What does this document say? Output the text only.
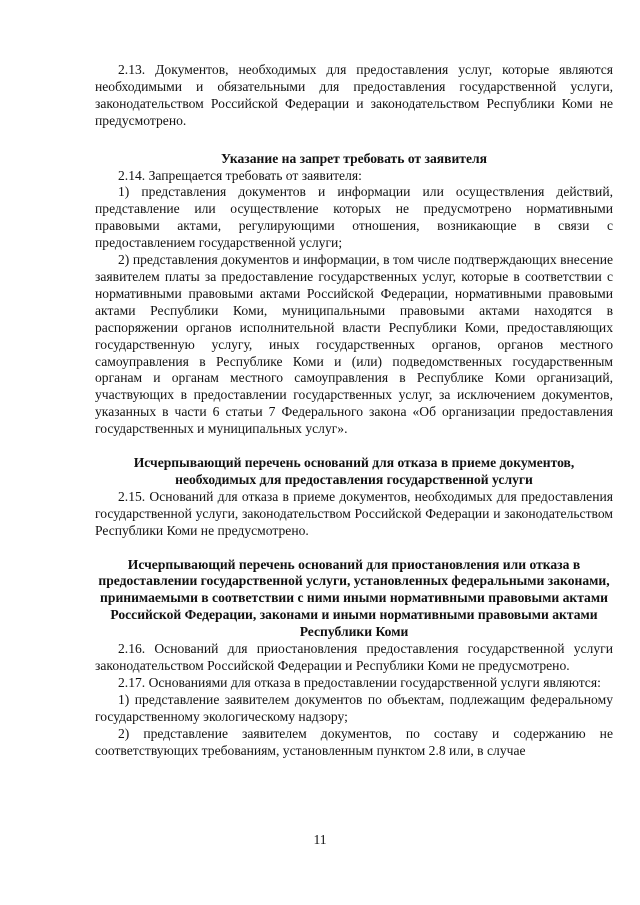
2.13. Документов, необходимых для предоставления услуг, которые являются необходимыми и обязательными для предоставления государственной услуги, законодательством Российской Федерации и законодательством Республики Коми не предусмотрено.

Указание на запрет требовать от заявителя

2.14. Запрещается требовать от заявителя:

1) представления документов и информации или осуществления действий, представление или осуществление которых не предусмотрено нормативными правовыми актами, регулирующими отношения, возникающие в связи с предоставлением государственной услуги;

2) представления документов и информации, в том числе подтверждающих внесение заявителем платы за предоставление государственных услуг, которые в соответствии с нормативными правовыми актами Российской Федерации, нормативными правовыми актами Республики Коми, муниципальными правовыми актами находятся в распоряжении органов исполнительной власти Республики Коми, предоставляющих государственную услугу, иных государственных органов, органов местного самоуправления в Республике Коми и (или) подведомственных государственным органам и органам местного самоуправления в Республике Коми организаций, участвующих в предоставлении государственных услуг, за исключением документов, указанных в части 6 статьи 7 Федерального закона «Об организации предоставления государственных и муниципальных услуг».

Исчерпывающий перечень оснований для отказа в приеме документов, необходимых для предоставления государственной услуги

2.15. Оснований для отказа в приеме документов, необходимых для предоставления государственной услуги, законодательством Российской Федерации и законодательством Республики Коми не предусмотрено.

Исчерпывающий перечень оснований для приостановления или отказа в предоставлении государственной услуги, установленных федеральными законами, принимаемыми в соответствии с ними иными нормативными правовыми актами Российской Федерации, законами и иными нормативными правовыми актами Республики Коми

2.16. Оснований для приостановления предоставления государственной услуги законодательством Российской Федерации и Республики Коми не предусмотрено.

2.17. Основаниями для отказа в предоставлении государственной услуги являются:

1) представление заявителем документов по объектам, подлежащим федеральному государственному экологическому надзору;

2) представление заявителем документов, по составу и содержанию не соответствующих требованиям, установленным пунктом 2.8 или, в случае

11
